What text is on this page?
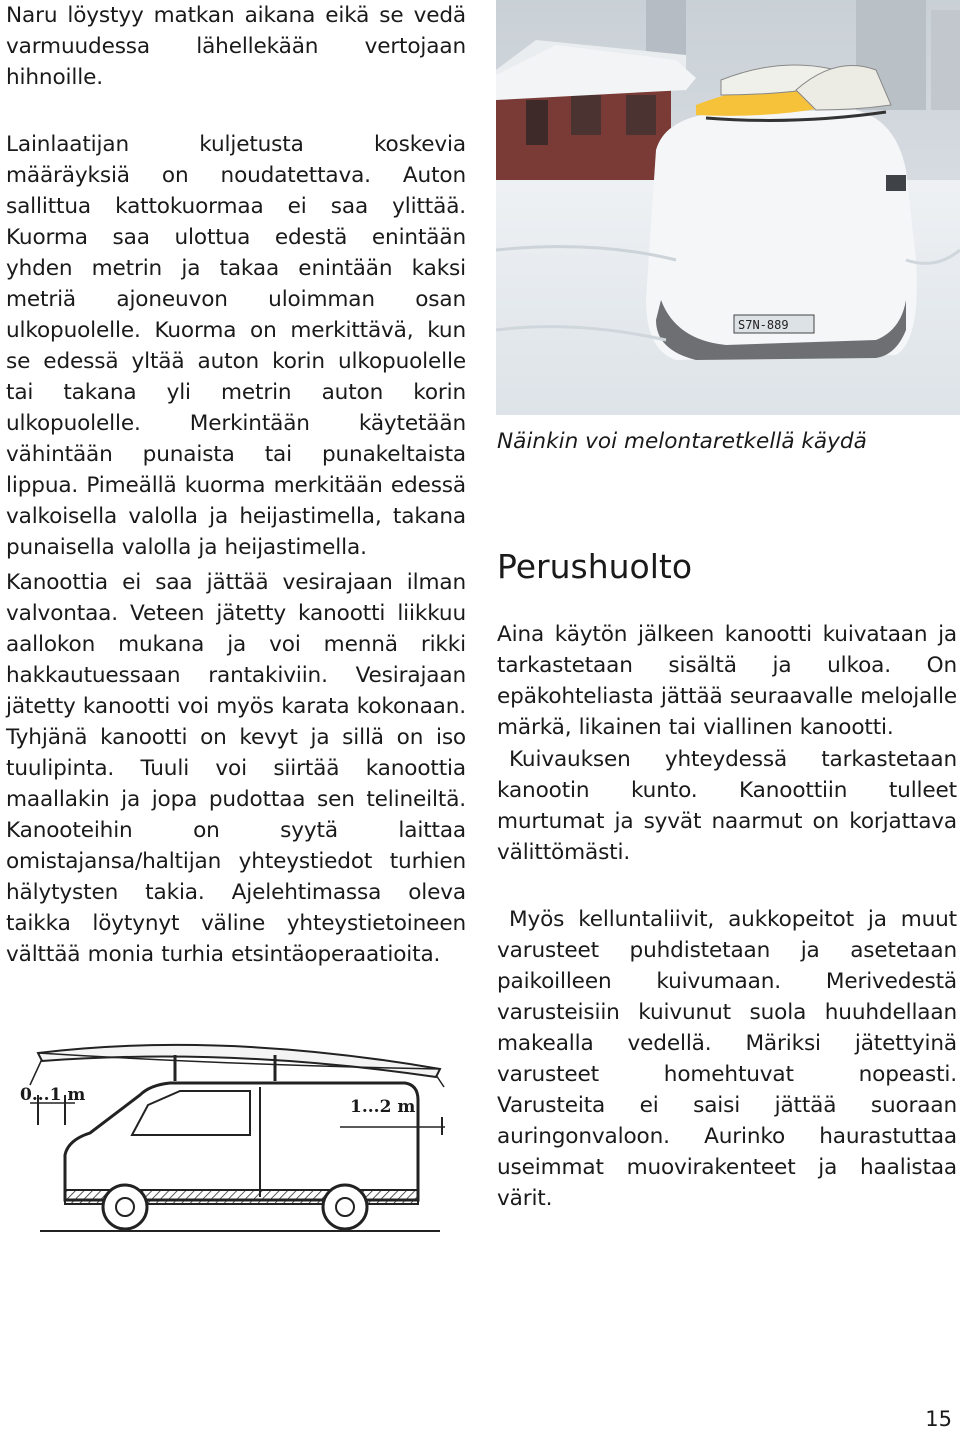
Naru löystyy matkan aikana eikä se vedä varmuudessa lähellekään vertojaan hihnoille.

Lainlaatijan kuljetusta koskevia määräyksiä on noudatettava. Auton sallittua kattokuormaa ei saa ylittää. Kuorma saa ulottua edestä enintään yhden metrin ja takaa enintään kaksi metriä ajoneuvon uloimman osan ulkopuolelle. Kuorma on merkittävä, kun se edessä yltää auton korin ulkopuolelle tai takana yli metrin auton korin ulkopuolelle. Merkintään käytetään vähintään punaista tai punakeltaista lippua. Pimeällä kuorma merkitään edessä valkoisella valolla ja heijastimella, takana punaisella valolla ja heijastimella.

Kanoottia ei saa jättää vesirajaan ilman valvontaa. Veteen jätetty kanootti liikkuu aallokon mukana ja voi mennä rikki hakkautuessaan rantakiviin. Vesirajaan jätetty kanootti voi myös karata kokonaan. Tyhjänä kanootti on kevyt ja sillä on iso tuulipinta. Tuuli voi siirtää kanoottia maallakin ja jopa pudottaa sen telineiltä. Kanooteihin on syytä laittaa omistajansa/haltijan yhteystiedot turhien hälytysten takia. Ajelehtimassa oleva taikka löytynyt väline yhteystietoineen välttää monia turhia etsintäoperaatioita.

0...1 m
1...2 m
S7N-889

Näinkin voi melontaretkellä käydä

Perushuolto

Aina käytön jälkeen kanootti kuivataan ja tarkastetaan sisältä ja ulkoa. On epäkohteliasta jättää seuraavalle melojalle märkä, likainen tai viallinen kanootti.

Kuivauksen yhteydessä tarkastetaan kanootin kunto. Kanoottiin tulleet murtumat ja syvät naarmut on korjattava välittömästi.

Myös kelluntaliivit, aukkopeitot ja muut varusteet puhdistetaan ja asetetaan paikoilleen kuivumaan. Merivedestä varusteisiin kuivunut suola huuhdellaan makealla vedellä. Märiksi jätettyinä varusteet homehtuvat nopeasti. Varusteita ei saisi jättää suoraan auringonvaloon. Aurinko haurastuttaa useimmat muovirakenteet ja haalistaa värit.

15
